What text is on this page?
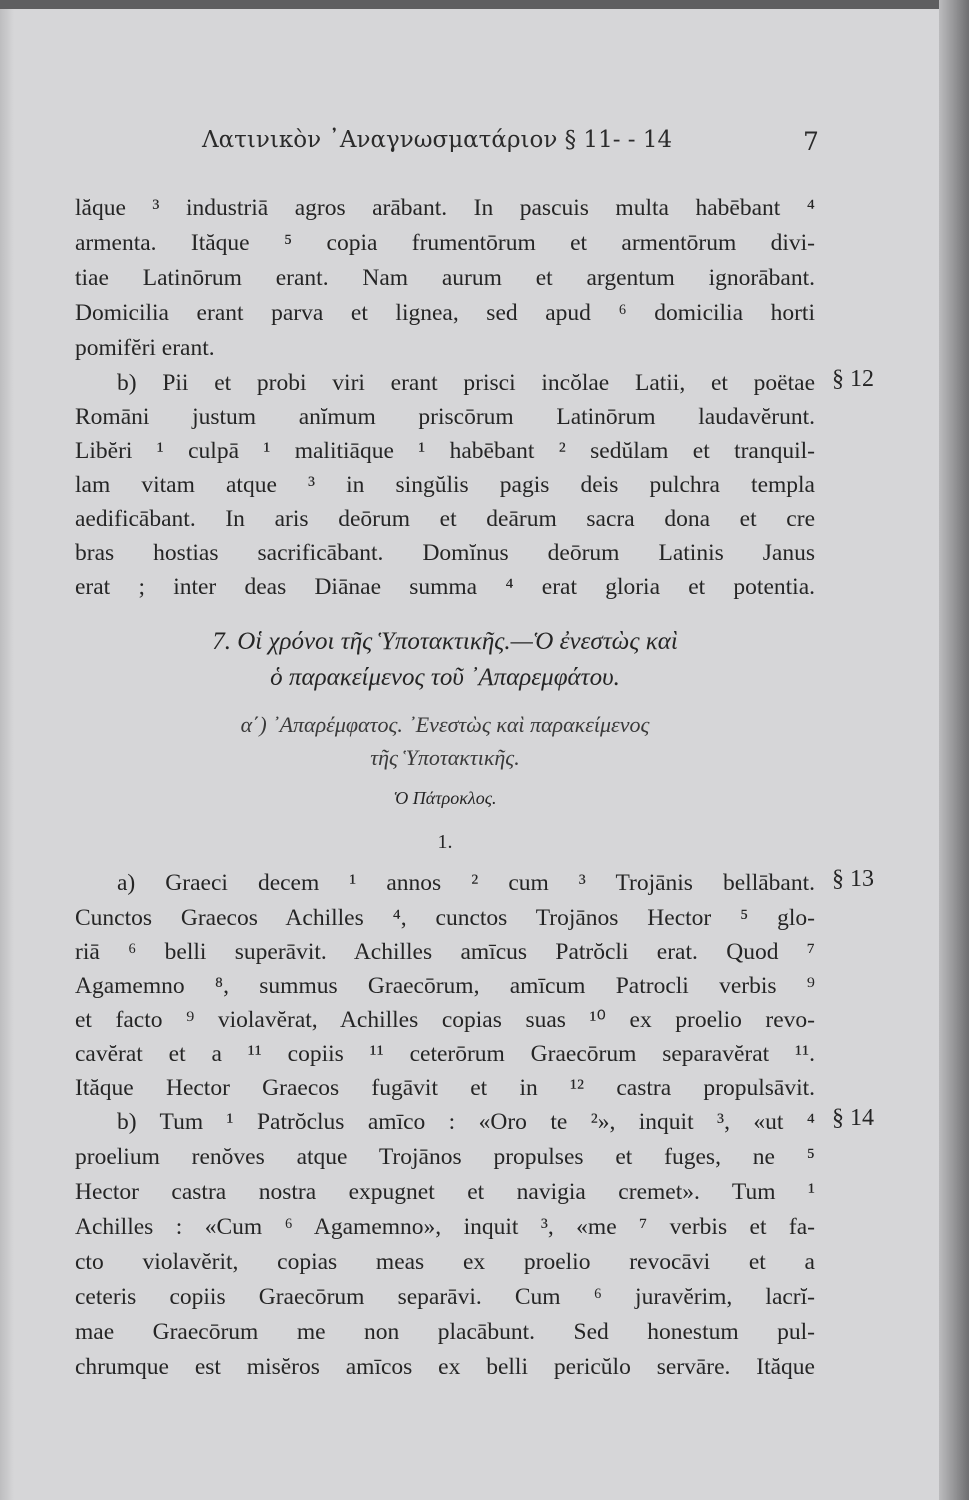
Λατινικὸν ᾿Αναγνωσματάριον § 11- - 14	7
lăque ³ industriā agros arābant. In pascuis multa habēbant ⁴
armenta. Ităque ⁵ copia frumentōrum et armentōrum divi-
tiae Latinōrum erant. Nam aurum et argentum ignorābant.
Domicilia erant parva et lignea, sed apud ⁶ domicilia horti
pomifĕri erant.
b) Pii et probi viri erant prisci incŏlae Latii, et poëtae § 12
Romāni justum anĭmum priscōrum Latinōrum laudavĕrunt.
Libĕri ¹ culpā ¹ malitiāque ¹ habēbant ² sedŭlam et tranquil-
lam vitam atque ³ in singŭlis pagis deis pulchra templa
aedificābant. In aris deōrum et deārum sacra dona et cre
bras hostias sacrificābant. Domĭnus deōrum Latinis Janus
erat ; inter deas Diānae summa ⁴ erat gloria et potentia.
7. Οἱ χρόνοι τῆς Ὑποτακτικῆς.—Ὁ ἐνεστὼς καὶ
ὁ παρακείμενος τοῦ ᾿Απαρεμφάτου.
α΄) ᾿Απαρέμφατος. ᾿Ενεστὼς καὶ παρακείμενος
τῆς Ὑποτακτικῆς.
Ὁ Πάτροκλος.
1.
a) Graeci decem ¹ annos ² cum ³ Trojānis bellābant. § 13
Cunctos Graecos Achilles ⁴, cunctos Trojānos Hector ⁵ glo-
riā ⁶ belli superāvit. Achilles amīcus Patrŏcli erat. Quod ⁷
Agamemno ⁸, summus Graecōrum, amīcum Patrocli verbis ⁹
et facto ⁹ violavĕrat, Achilles copias suas ¹⁰ ex proelio revo-
cavĕrat et a ¹¹ copiis ¹¹ ceterōrum Graecōrum separavĕrat ¹¹.
Ităque Hector Graecos fugāvit et in ¹² castra propulsāvit.
b) Tum ¹ Patrŏclus amīco : «Oro te ²», inquit ³, «ut ⁴ § 14
proelium renŏves atque Trojānos propulses et fuges, ne ⁵
Hector castra nostra expugnet et navigia cremet». Tum ¹
Achilles : «Cum ⁶ Agamemno», inquit ³, «me ⁷ verbis et fa-
cto violavĕrit, copias meas ex proelio revocāvi et a
ceteris copiis Graecōrum separāvi. Cum ⁶ juravĕrim, lacrĭ-
mae Graecōrum me non placābunt. Sed honestum pul-
chrumque est misĕros amīcos ex belli pericŭlo servāre. Ităque
